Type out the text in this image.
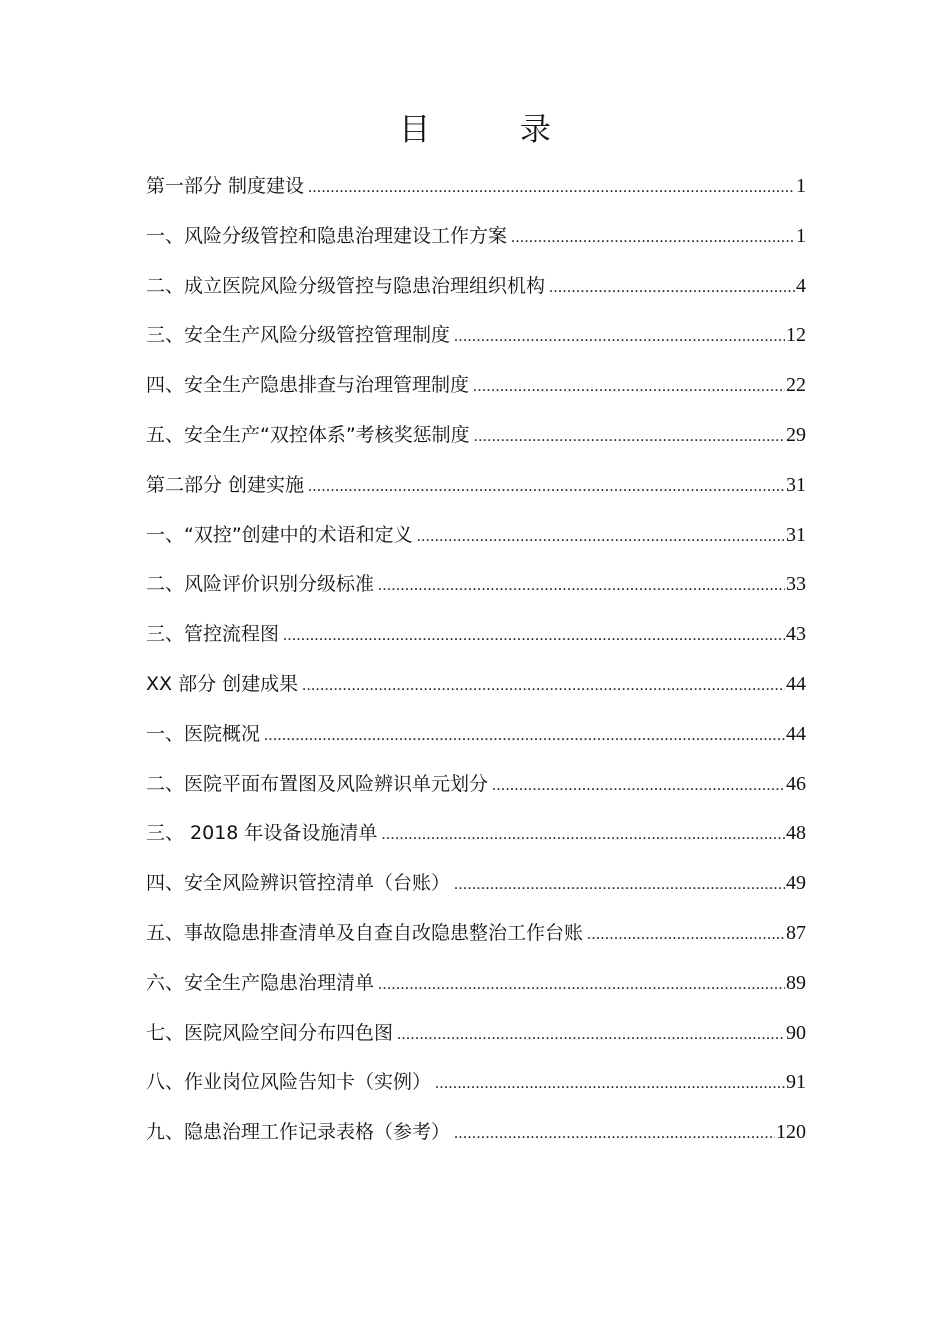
目 录
第一部分 制度建设 .....	1
一、风险分级管控和隐患治理建设工作方案 .....	1
二、成立医院风险分级管控与隐患治理组织机构 .....	4
三、安全生产风险分级管控管理制度 .....	12
四、安全生产隐患排查与治理管理制度 .....	22
五、安全生产“双控体系”考核奖惩制度 .....	29
第二部分 创建实施 .....	31
一、“双控”创建中的术语和定义 .....	31
二、风险评价识别分级标准 .....	33
三、管控流程图 .....	43
XX 部分 创建成果 .....	44
一、医院概况 .....	44
二、医院平面布置图及风险辨识单元划分 .....	46
三、 2018 年设备设施清单 .....	48
四、安全风险辨识管控清单（台账） .....	49
五、事故隐患排查清单及自查自改隐患整治工作台账 .....	87
六、安全生产隐患治理清单 .....	89
七、医院风险空间分布四色图 .....	90
八、作业岗位风险告知卡（实例） .....	91
九、隐患治理工作记录表格（参考） .....	120
